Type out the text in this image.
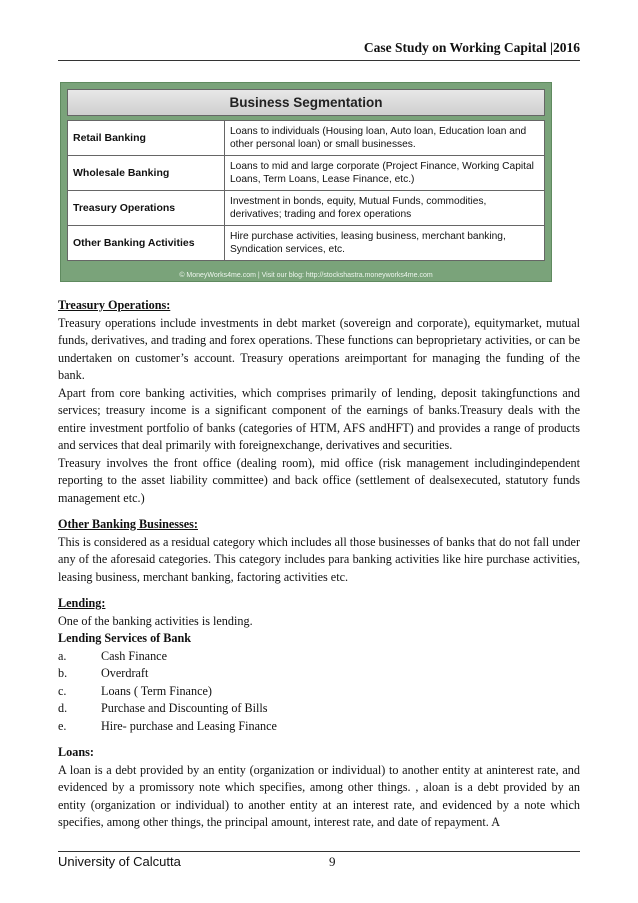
Case Study on Working Capital |2016
Business Segmentation
Retail Banking	Loans to individuals (Housing loan, Auto loan, Education loan and other personal loan) or small businesses.
Wholesale Banking	Loans to mid and large corporate (Project Finance, Working Capital Loans, Term Loans, Lease Finance, etc.)
Treasury Operations	Investment in bonds, equity, Mutual Funds, commodities, derivatives; trading and forex operations
Other Banking Activities	Hire purchase activities, leasing business, merchant banking, Syndication services, etc.
© MoneyWorks4me.com | Visit our blog: http://stockshastra.moneyworks4me.com

Treasury Operations:

Treasury operations include investments in debt market (sovereign and corporate), equitymarket, mutual funds, derivatives, and trading and forex operations. These functions can beproprietary activities, or can be undertaken on customer’s account. Treasury operations areimportant for managing the funding of the bank.

Apart from core banking activities, which comprises primarily of lending, deposit takingfunctions and services; treasury income is a significant component of the earnings of banks.Treasury deals with the entire investment portfolio of banks (categories of HTM, AFS andHFT) and provides a range of products and services that deal primarily with foreignexchange, derivatives and securities.

Treasury involves the front office (dealing room), mid office (risk management includingindependent reporting to the asset liability committee) and back office (settlement of dealsexecuted, statutory funds management etc.)

Other Banking Businesses:

This is considered as a residual category which includes all those businesses of banks that do not fall under any of the aforesaid categories. This category includes para banking activities like hire purchase activities, leasing business, merchant banking, factoring activities etc.

Lending:

One of the banking activities is lending.

Lending Services of Bank

a.	Cash Finance
b.	Overdraft
c.	Loans ( Term Finance)
d.	Purchase and Discounting of Bills
e.	Hire- purchase and Leasing Finance

Loans:

A loan is a debt provided by an entity (organization or individual) to another entity at aninterest rate, and evidenced by a promissory note which specifies, among other things. , aloan is a debt provided by an entity (organization or individual) to another entity at an interest rate, and evidenced by a note which specifies, among other things, the principal amount, interest rate, and date of repayment. A

University of Calcutta	9
